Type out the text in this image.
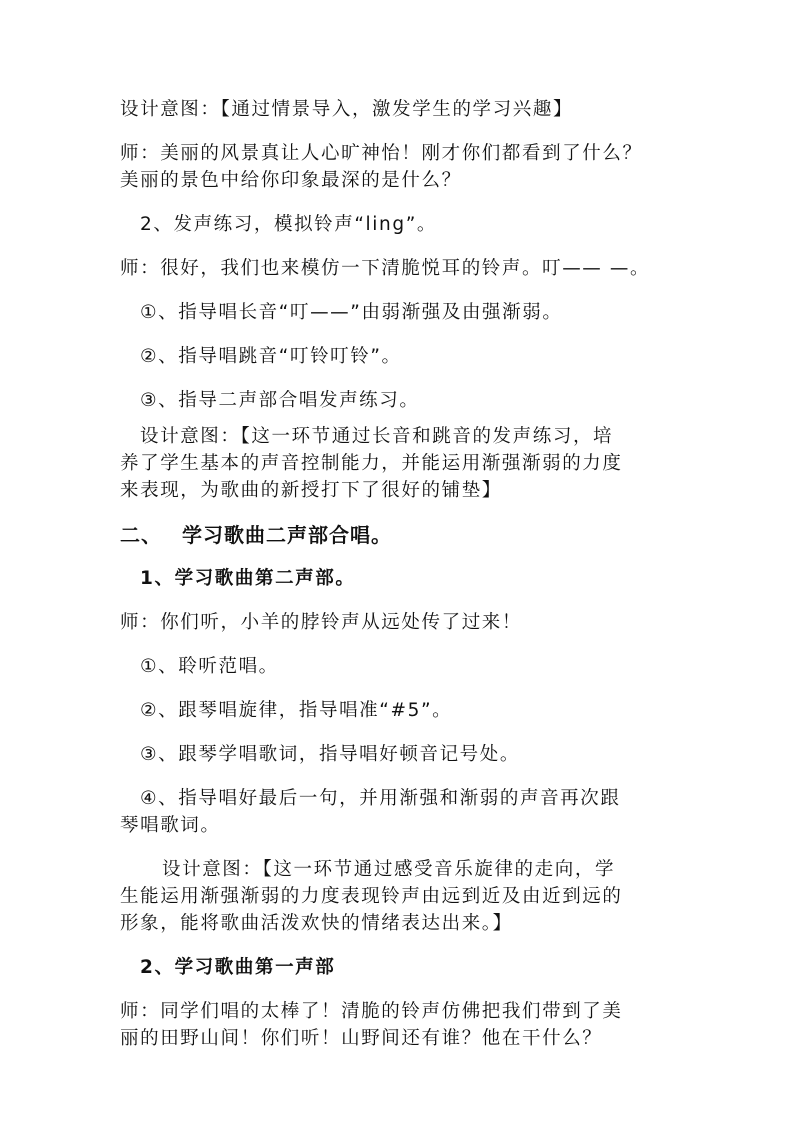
设计意图：【通过情景导入，激发学生的学习兴趣】
师：美丽的风景真让人心旷神怡！刚才你们都看到了什么？
美丽的景色中给你印象最深的是什么？
2、发声练习，模拟铃声“ling”。
师：很好，我们也来模仿一下清脆悦耳的铃声。叮—— —。
①、指导唱长音“叮——”由弱渐强及由强渐弱。
②、指导唱跳音“叮铃叮铃”。
③、指导二声部合唱发声练习。
设计意图：【这一环节通过长音和跳音的发声练习，培
养了学生基本的声音控制能力，并能运用渐强渐弱的力度
来表现，为歌曲的新授打下了很好的铺垫】
二、 学习歌曲二声部合唱。
1、学习歌曲第二声部。
师：你们听，小羊的脖铃声从远处传了过来！
①、聆听范唱。
②、跟琴唱旋律，指导唱准“#5”。
③、跟琴学唱歌词，指导唱好顿音记号处。
④、指导唱好最后一句，并用渐强和渐弱的声音再次跟
琴唱歌词。
设计意图：【这一环节通过感受音乐旋律的走向，学
生能运用渐强渐弱的力度表现铃声由远到近及由近到远的
形象，能将歌曲活泼欢快的情绪表达出来。】
2、学习歌曲第一声部
师：同学们唱的太棒了！清脆的铃声仿佛把我们带到了美
丽的田野山间！你们听！山野间还有谁？他在干什么？
